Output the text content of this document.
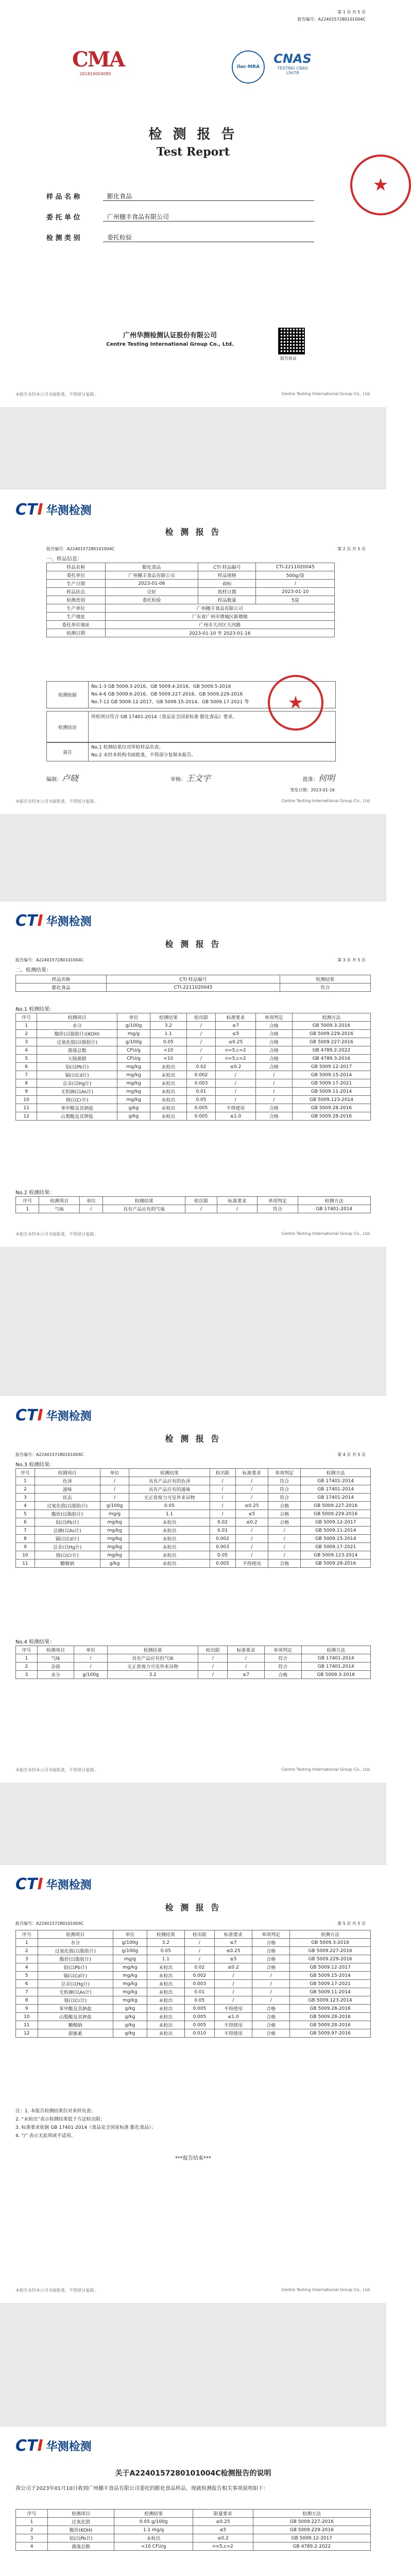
第 1 页 共 5 页
报告编号：A2240157280101004C
CMA
201819004085
ilac-MRA
CNAS
TESTING CNAS L5678
★
检 测 报 告
Test Report
样 品 名 称	膨化食品
委 托 单 位	广州穗丰食品有限公司
检 测 类 别	委托检验
广州华测检测认证股份有限公司
Centre Testing International Group Co., Ltd.
报告验证
本报告未经本公司书面批准，不得部分复制。	Centre Testing International Group Co., Ltd.
CTI 华测检测
第 2 页 共 5 页
报告编号：A2240157280101004C
检 测 报 告
一、样品信息：
样品名称	膨化食品	CTI 样品编号	CTI-2211020045
委托单位	广州穗丰食品有限公司	样品规格	500g/袋
生产日期	2023-01-06	商标	/
样品状态	完好	收样日期	2023-01-10
检测类别	委托检验	样品数量	5袋
生产单位	广州穗丰食品有限公司		
生产地址	广东省广州市增城区新塘镇		
委托单位地址	广州市天河区天河路		
检测日期	2023-01-10 至 2023-01-16		
检测依据
No.1-3 GB 5009.3-2016、GB 5009.4-2016、GB 5009.5-2016
No.4-6 GB 5009.6-2016、GB 5009.227-2016、GB 5009.229-2016
No.7-12 GB 5009.12-2017、GB 5009.15-2014、GB 5009.17-2021 等
检测结论
所检项目符合 GB 17401-2014《食品安全国家标准 膨化食品》要求。
备注
No.1 检测结果仅对所检样品负责。
No.2 未经本机构书面批准，不得部分复制本报告。
★
编制：卢晓	审核：王文宇	批准：何明
签发日期：2023-01-16
本报告未经本公司书面批准，不得部分复制。	Centre Testing International Group Co., Ltd.
CTI 华测检测
检 测 报 告
报告编号：A2240157280101004C	第 3 页 共 5 页
二、检测结果：
样品名称	CTI 样品编号	检测结果
膨化食品	CTI-2211020045	符合
No.1 检测结果：
序号	检测项目	单位	检测结果	检出限	标准要求	单项判定	检测方法
1	水分	g/100g	3.2	/	≤7	合格	GB 5009.3-2016
2	酸价(以脂肪计)(KOH)	mg/g	1.1	/	≤5	合格	GB 5009.229-2016
3	过氧化值(以脂肪计)	g/100g	0.05	/	≤0.25	合格	GB 5009.227-2016
4	菌落总数	CFU/g	<10	/	n=5,c=2	合格	GB 4789.2-2022
5	大肠菌群	CFU/g	<10	/	n=5,c=2	合格	GB 4789.3-2016
6	铅(以Pb计)	mg/kg	未检出	0.02	≤0.2	合格	GB 5009.12-2017
7	镉(以Cd计)	mg/kg	未检出	0.002	/	/	GB 5009.15-2014
8	总汞(以Hg计)	mg/kg	未检出	0.003	/	/	GB 5009.17-2021
9	无机砷(以As计)	mg/kg	未检出	0.01	/	/	GB 5009.11-2014
10	铬(以Cr计)	mg/kg	未检出	0.05	/	/	GB 5009.123-2014
11	苯甲酸及其钠盐	g/kg	未检出	0.005	不得使用	合格	GB 5009.28-2016
12	山梨酸及其钾盐	g/kg	未检出	0.005	≤1.0	合格	GB 5009.28-2016
No.2 检测结果：
序号	检测项目	单位	检测结果	检出限	标准要求	单项判定	检测方法
1	气味	/	具有产品应有的气味	/	/	符合	GB 17401-2014
本报告未经本公司书面批准，不得部分复制。	Centre Testing International Group Co., Ltd.
CTI 华测检测
检 测 报 告
报告编号：A2240157280101004C	第 4 页 共 5 页
No.3 检测结果：
序号	检测项目	单位	检测结果	检出限	标准要求	单项判定	检测方法
1	色泽	/	具有产品应有的色泽	/	/	符合	GB 17401-2014
2	滋味	/	具有产品应有的滋味	/	/	符合	GB 17401-2014
3	状态	/	无正常视力可见外来异物	/	/	符合	GB 17401-2014
4	过氧化值(以脂肪计)	g/100g	0.05	/	≤0.25	合格	GB 5009.227-2016
5	酸价(以脂肪计)	mg/g	1.1	/	≤5	合格	GB 5009.229-2016
6	铅(以Pb计)	mg/kg	未检出	0.02	≤0.2	合格	GB 5009.12-2017
7	总砷(以As计)	mg/kg	未检出	0.01	/	/	GB 5009.11-2014
8	镉(以Cd计)	mg/kg	未检出	0.002	/	/	GB 5009.15-2014
9	总汞(以Hg计)	mg/kg	未检出	0.003	/	/	GB 5009.17-2021
10	铬(以Cr计)	mg/kg	未检出	0.05	/	/	GB 5009.123-2014
11	糖精钠	g/kg	未检出	0.005	不得使用	合格	GB 5009.28-2016
No.4 检测结果：
序号	检测项目	单位	检测结果	检出限	标准要求	单项判定	检测方法
1	气味	/	具有产品应有的气味	/	/	符合	GB 17401-2014
2	杂质	/	无正常视力可见外来异物	/	/	符合	GB 17401-2014
3	水分	g/100g	3.2	/	≤7	合格	GB 5009.3-2016
本报告未经本公司书面批准，不得部分复制。	Centre Testing International Group Co., Ltd.
CTI 华测检测
检 测 报 告
报告编号：A2240157280101004C	第 5 页 共 5 页
序号	检测项目	单位	检测结果	检出限	标准要求	单项判定	检测方法
1	水分	g/100g	3.2	/	≤7	合格	GB 5009.3-2016
2	过氧化值(以脂肪计)	g/100g	0.05	/	≤0.25	合格	GB 5009.227-2016
3	酸价(以脂肪计)	mg/g	1.1	/	≤5	合格	GB 5009.229-2016
4	铅(以Pb计)	mg/kg	未检出	0.02	≤0.2	合格	GB 5009.12-2017
5	镉(以Cd计)	mg/kg	未检出	0.002	/	/	GB 5009.15-2014
6	总汞(以Hg计)	mg/kg	未检出	0.003	/	/	GB 5009.17-2021
7	无机砷(以As计)	mg/kg	未检出	0.01	/	/	GB 5009.11-2014
8	铬(以Cr计)	mg/kg	未检出	0.05	/	/	GB 5009.123-2014
9	苯甲酸及其钠盐	g/kg	未检出	0.005	不得使用	合格	GB 5009.28-2016
10	山梨酸及其钾盐	g/kg	未检出	0.005	≤1.0	合格	GB 5009.28-2016
11	糖精钠	g/kg	未检出	0.005	不得使用	合格	GB 5009.28-2016
12	甜蜜素	g/kg	未检出	0.010	不得使用	合格	GB 5009.97-2016
注：1. 本报告检测结果仅对来样负责；
2. “未检出”表示检测结果低于方法检出限；
3. 标准要求依据 GB 17401-2014《食品安全国家标准 膨化食品》；
4. “/” 表示无此项或不适用。
***报告结束***
本报告未经本公司书面批准，不得部分复制。	Centre Testing International Group Co., Ltd.
CTI 华测检测
关于A2240157280101004C检测报告的说明
我公司于2023年01月10日收到广州穗丰食品有限公司委托的膨化食品样品，现就检测报告相关事项说明如下：
序号	检测项目	检测结果	限量要求	检测方法
1	过氧化值	0.05 g/100g	≤0.25	GB 5009.227-2016
2	酸价(KOH)	1.1 mg/g	≤5	GB 5009.229-2016
3	铅(以Pb计)	未检出	≤0.2	GB 5009.12-2017
4	菌落总数	<10 CFU/g	n=5,c=2	GB 4789.2-2022
